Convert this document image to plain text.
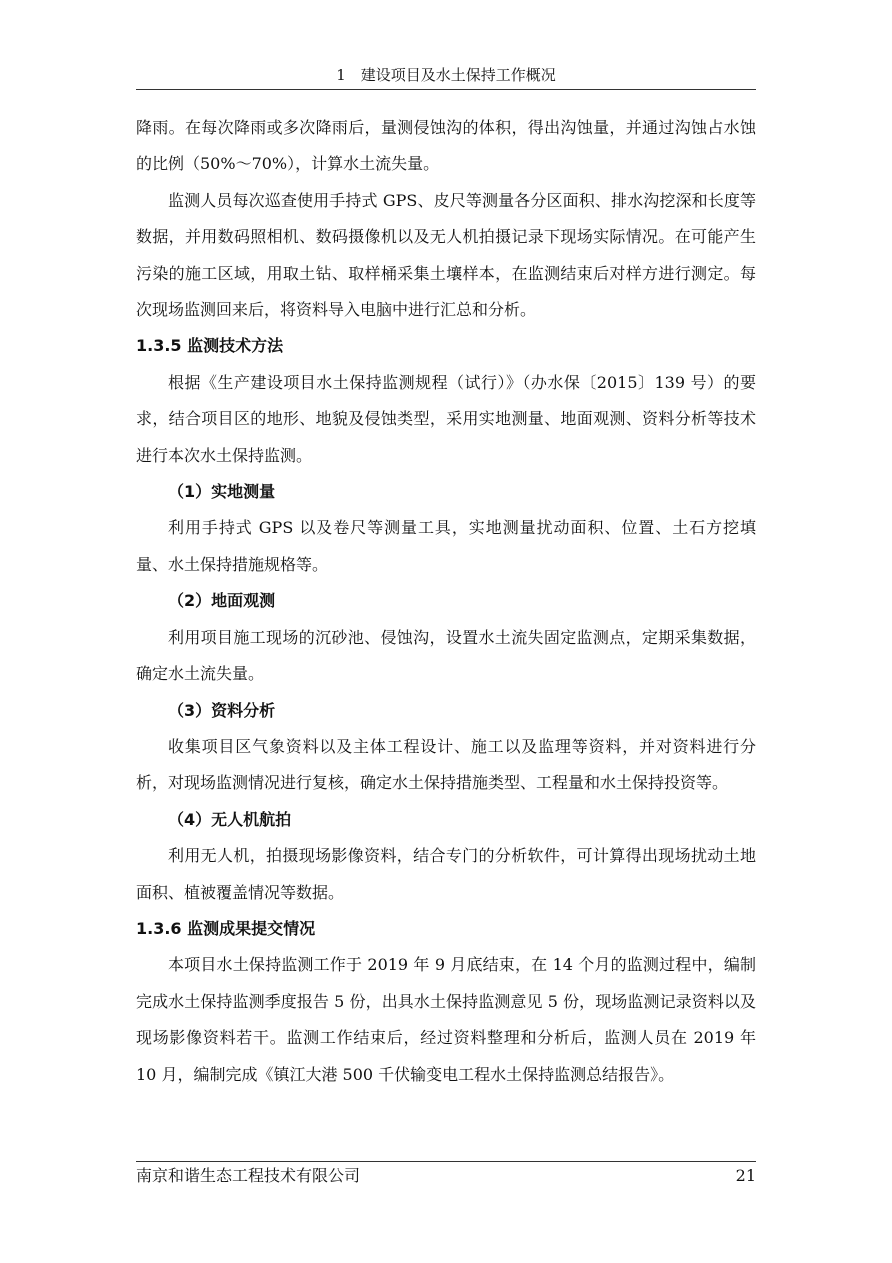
1　建设项目及水土保持工作概况

降雨。在每次降雨或多次降雨后，量测侵蚀沟的体积，得出沟蚀量，并通过沟蚀占水蚀的比例（50%～70%），计算水土流失量。

监测人员每次巡查使用手持式 GPS、皮尺等测量各分区面积、排水沟挖深和长度等数据，并用数码照相机、数码摄像机以及无人机拍摄记录下现场实际情况。在可能产生污染的施工区域，用取土钻、取样桶采集土壤样本，在监测结束后对样方进行测定。每次现场监测回来后，将资料导入电脑中进行汇总和分析。

1.3.5 监测技术方法

根据《生产建设项目水土保持监测规程（试行）》（办水保〔2015〕139 号）的要求，结合项目区的地形、地貌及侵蚀类型，采用实地测量、地面观测、资料分析等技术进行本次水土保持监测。

（1）实地测量

利用手持式 GPS 以及卷尺等测量工具，实地测量扰动面积、位置、土石方挖填量、水土保持措施规格等。

（2）地面观测

利用项目施工现场的沉砂池、侵蚀沟，设置水土流失固定监测点，定期采集数据，确定水土流失量。

（3）资料分析

收集项目区气象资料以及主体工程设计、施工以及监理等资料，并对资料进行分析，对现场监测情况进行复核，确定水土保持措施类型、工程量和水土保持投资等。

（4）无人机航拍

利用无人机，拍摄现场影像资料，结合专门的分析软件，可计算得出现场扰动土地面积、植被覆盖情况等数据。

1.3.6 监测成果提交情况

本项目水土保持监测工作于 2019 年 9 月底结束，在 14 个月的监测过程中，编制完成水土保持监测季度报告 5 份，出具水土保持监测意见 5 份，现场监测记录资料以及现场影像资料若干。监测工作结束后，经过资料整理和分析后，监测人员在 2019 年 10 月，编制完成《镇江大港 500 千伏输变电工程水土保持监测总结报告》。

南京和谐生态工程技术有限公司	21
